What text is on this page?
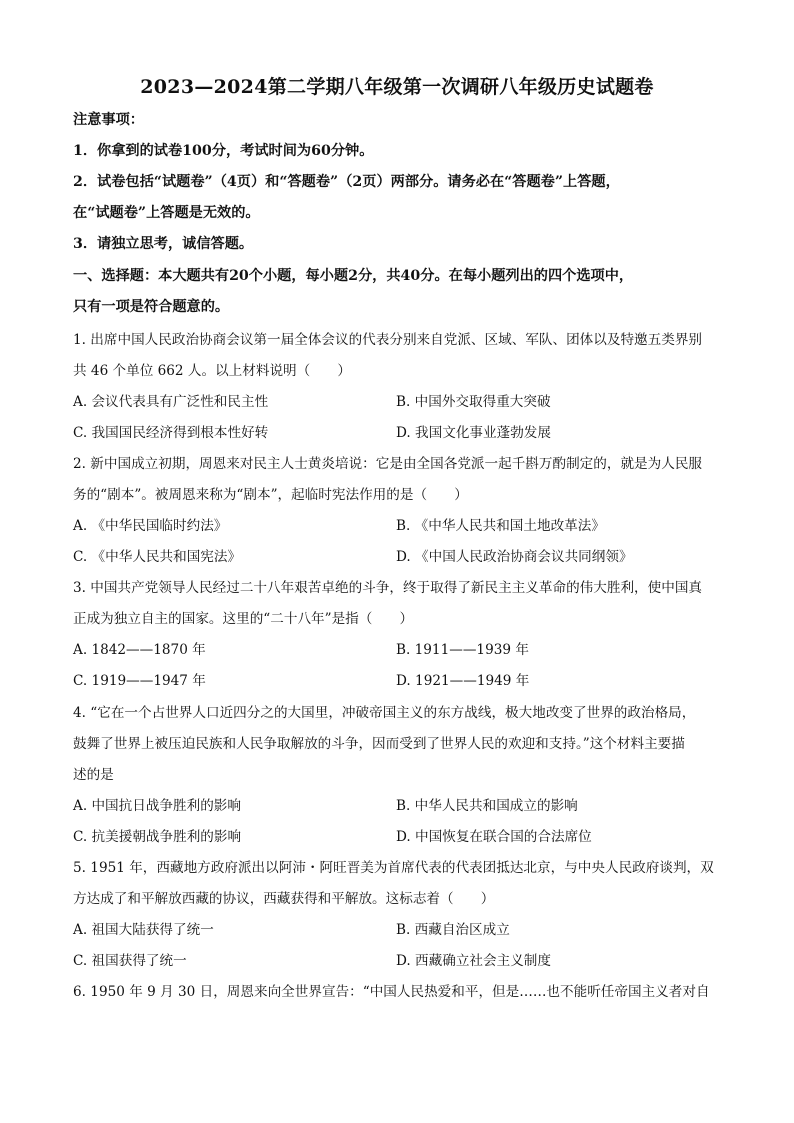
2023—2024第二学期八年级第一次调研八年级历史试题卷
注意事项：
1．你拿到的试卷100分，考试时间为60分钟。
2．试卷包括“试题卷”（4页）和“答题卷”（2页）两部分。请务必在“答题卷”上答题，
在“试题卷”上答题是无效的。
3．请独立思考，诚信答题。
一、选择题：本大题共有20个小题，每小题2分，共40分。在每小题列出的四个选项中，
只有一项是符合题意的。
1. 出席中国人民政治协商会议第一届全体会议的代表分别来自党派、区域、军队、团体以及特邀五类界别
共 46 个单位 662 人。以上材料说明（　　）
A. 会议代表具有广泛性和民主性	B. 中国外交取得重大突破
C. 我国国民经济得到根本性好转	D. 我国文化事业蓬勃发展
2. 新中国成立初期，周恩来对民主人士黄炎培说：它是由全国各党派一起千斟万酌制定的，就是为人民服
务的“剧本”。被周恩来称为“剧本”，起临时宪法作用的是（　　）
A. 《中华民国临时约法》	B. 《中华人民共和国土地改革法》
C. 《中华人民共和国宪法》	D. 《中国人民政治协商会议共同纲领》
3. 中国共产党领导人民经过二十八年艰苦卓绝的斗争，终于取得了新民主主义革命的伟大胜利，使中国真
正成为独立自主的国家。这里的“二十八年”是指（　　）
A. 1842——1870 年	B. 1911——1939 年
C. 1919——1947 年	D. 1921——1949 年
4. “它在一个占世界人口近四分之的大国里，冲破帝国主义的东方战线，极大地改变了世界的政治格局，
鼓舞了世界上被压迫民族和人民争取解放的斗争，因而受到了世界人民的欢迎和支持。”这个材料主要描
述的是
A. 中国抗日战争胜利的影响	B. 中华人民共和国成立的影响
C. 抗美援朝战争胜利的影响	D. 中国恢复在联合国的合法席位
5. 1951 年，西藏地方政府派出以阿沛・阿旺晋美为首席代表的代表团抵达北京，与中央人民政府谈判，双
方达成了和平解放西藏的协议，西藏获得和平解放。这标志着（　　）
A. 祖国大陆获得了统一	B. 西藏自治区成立
C. 祖国获得了统一	D. 西藏确立社会主义制度
6. 1950 年 9 月 30 日，周恩来向全世界宣告：“中国人民热爱和平，但是……也不能听任帝国主义者对自
